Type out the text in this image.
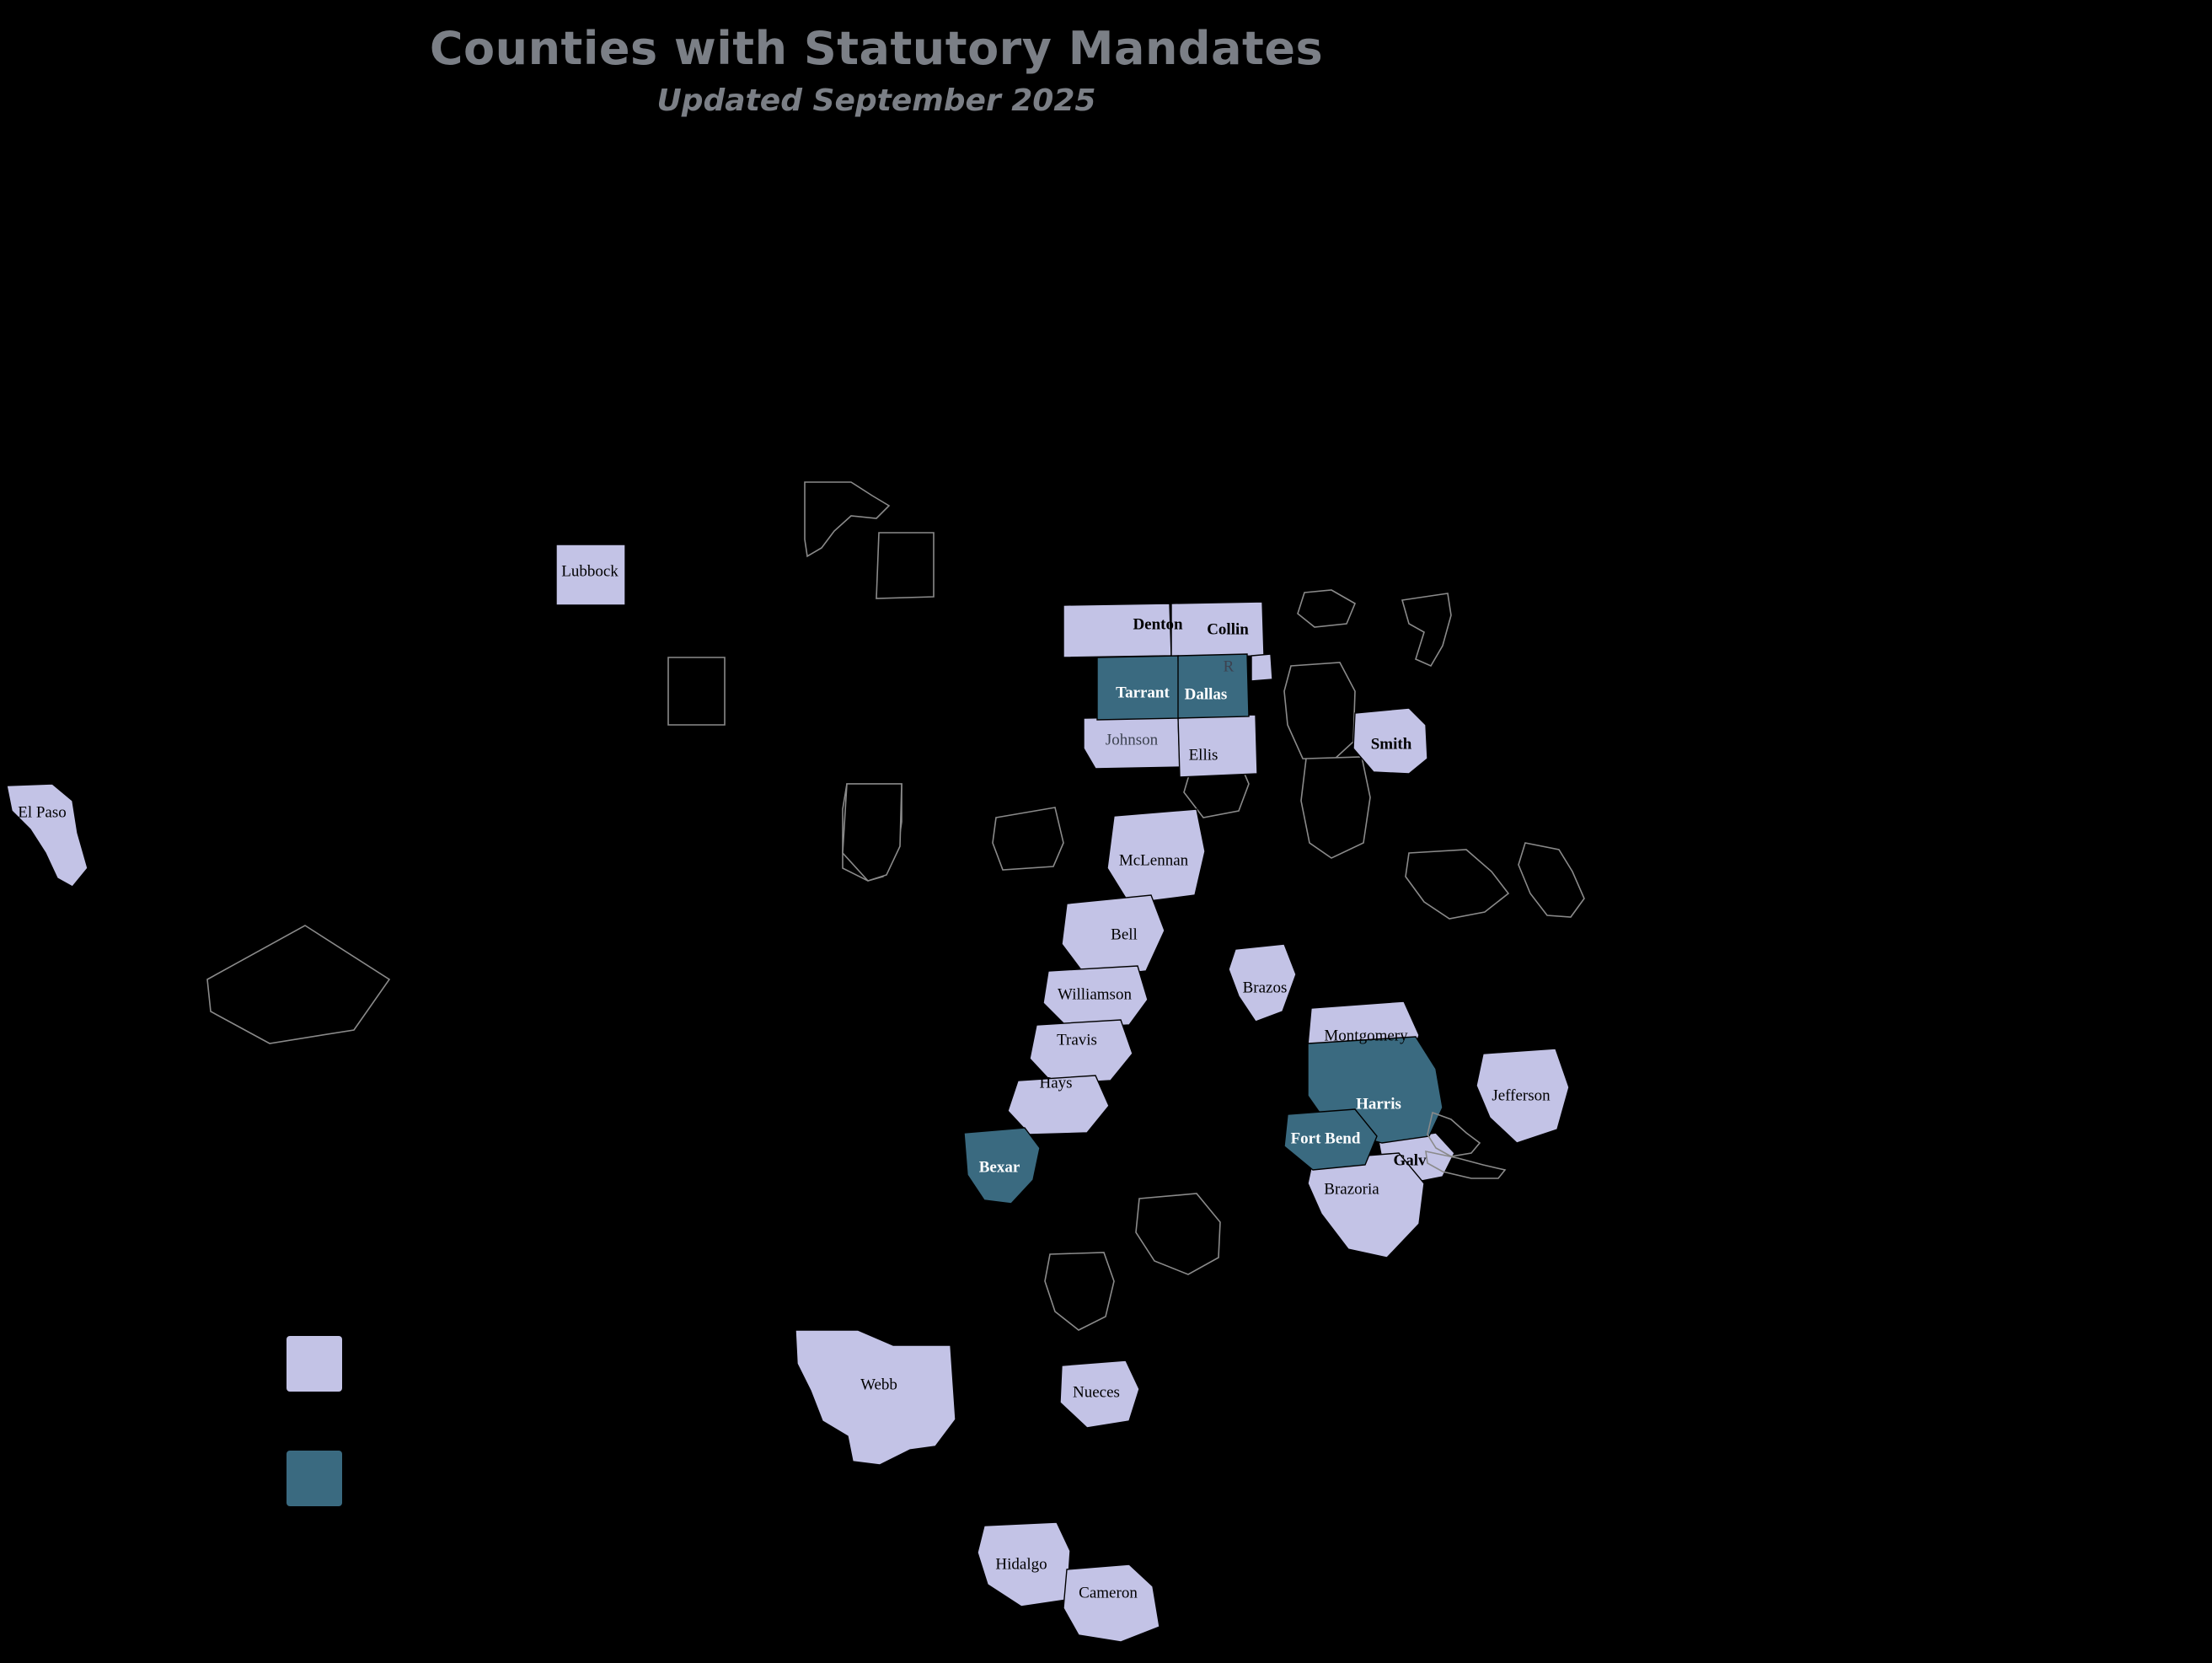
Counties with Statutory Mandates
Updated September 2025
Lubbock
El Paso
Denton Collin
Tarrant Dallas
Johnson
Ellis
R
Smith
McLennan
Bell
Williamson
Travis
Hays
Bexar
Brazos
Montgomery
Harris
Fort Bend
Galv
Brazoria
Jefferson
Webb	Nueces
Hidalgo
Cameron
